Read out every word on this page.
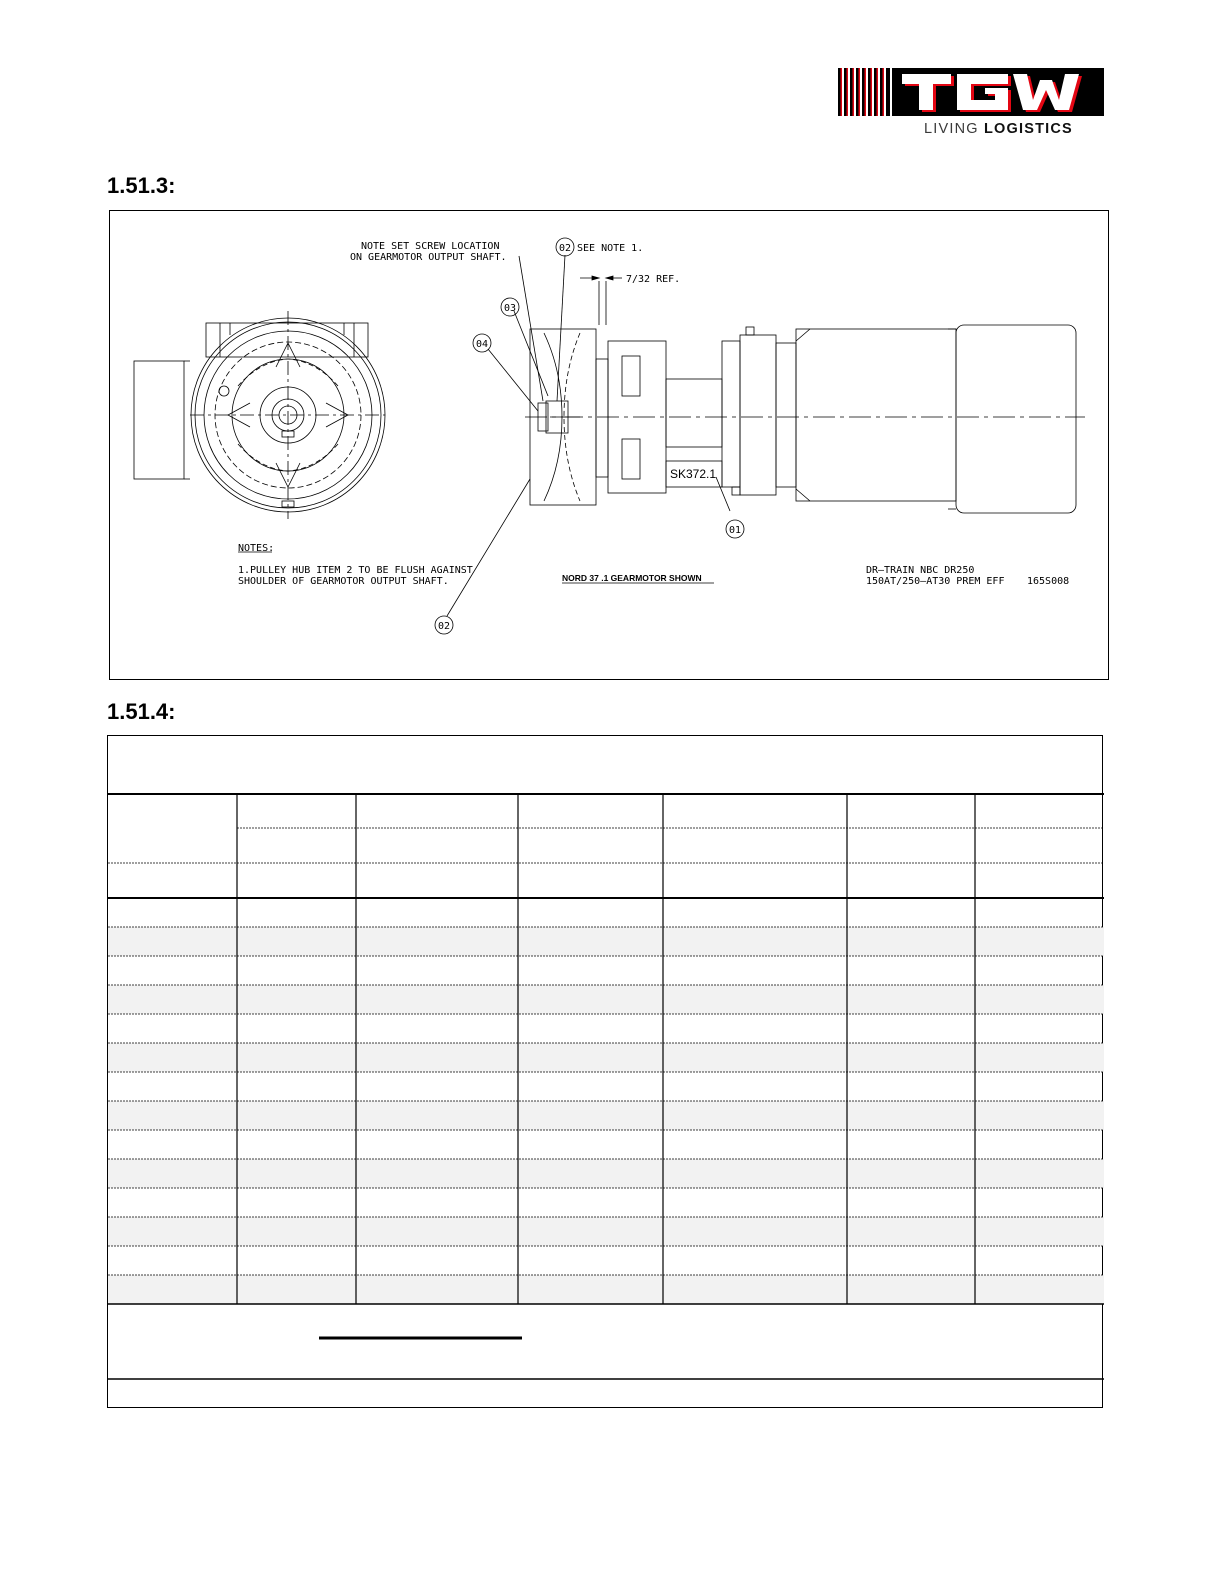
LIVING LOGISTICS
1.51.3:
02
03
04
01
02
NOTE SET SCREW LOCATION
ON GEARMOTOR OUTPUT SHAFT.
SEE NOTE 1.
7/32 REF.
SK372.1
NOTES:
1.PULLEY HUB ITEM 2 TO BE FLUSH AGAINST
SHOULDER OF GEARMOTOR OUTPUT SHAFT.	NORD 37 .1 GEARMOTOR SHOWN
DR–TRAIN NBC DR250
150AT/250–AT30 PREM EFF 165S008
1.51.4:
